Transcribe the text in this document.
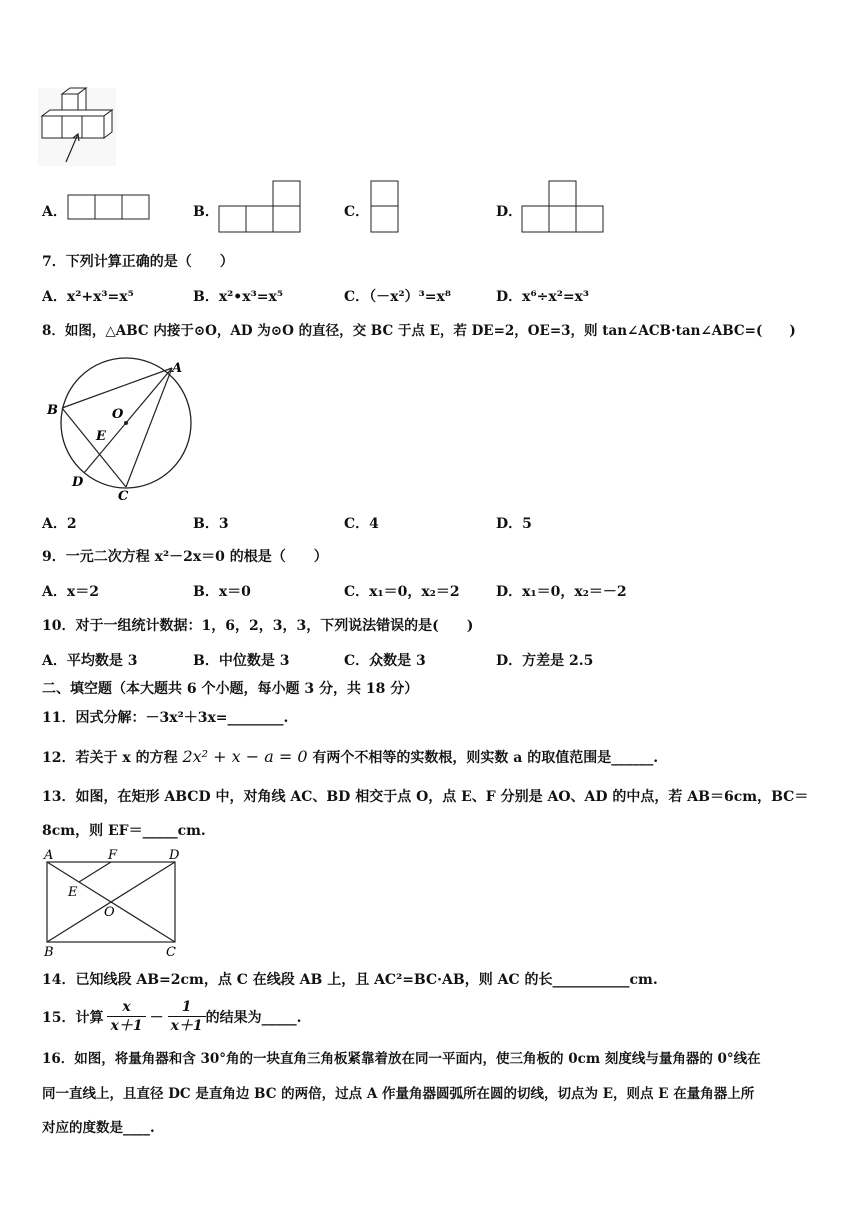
A．	B．	C．	D．
7．下列计算正确的是（　　）
A．x²+x³=x⁵	B．x²•x³=x⁵	C．（－x²）³=x⁸	D．x⁶÷x²=x³
8．如图，△ABC 内接于⊙O，AD 为⊙O 的直径，交 BC 于点 E，若 DE=2，OE=3，则 tan∠ACB·tan∠ABC=(　　)
A
B	O
E
D
C
A．2	B．3	C．4	D．5
9．一元二次方程 x²－2x＝0 的根是（　　）
A．x＝2	B．x＝0	C．x₁＝0，x₂＝2	D．x₁＝0，x₂＝－2
10．对于一组统计数据：1，6，2，3，3，下列说法错误的是(　　)
A．平均数是 3	B．中位数是 3	C．众数是 3	D．方差是 2.5
二、填空题（本大题共 6 个小题，每小题 3 分，共 18 分）
11．因式分解：－3x²＋3x=________.
12．若关于 x 的方程 2x² + x − a = 0 有两个不相等的实数根，则实数 a 的取值范围是______.
13．如图，在矩形 ABCD 中，对角线 AC、BD 相交于点 O，点 E、F 分别是 AO、AD 的中点，若 AB＝6cm，BC＝
8cm，则 EF＝_____cm.
A	F	D
E
O
B	C
14．已知线段 AB=2cm，点 C 在线段 AB 上，且 AC²=BC·AB，则 AC 的长___________cm.
15．计算 $\frac{x}{x+1} - \frac{1}{x+1}$ 的结果为_____.
16．如图，将量角器和含 30°角的一块直角三角板紧靠着放在同一平面内，使三角板的 0cm 刻度线与量角器的 0°线在
同一直线上，且直径 DC 是直角边 BC 的两倍，过点 A 作量角器圆弧所在圆的切线，切点为 E，则点 E 在量角器上所
对应的度数是____.
